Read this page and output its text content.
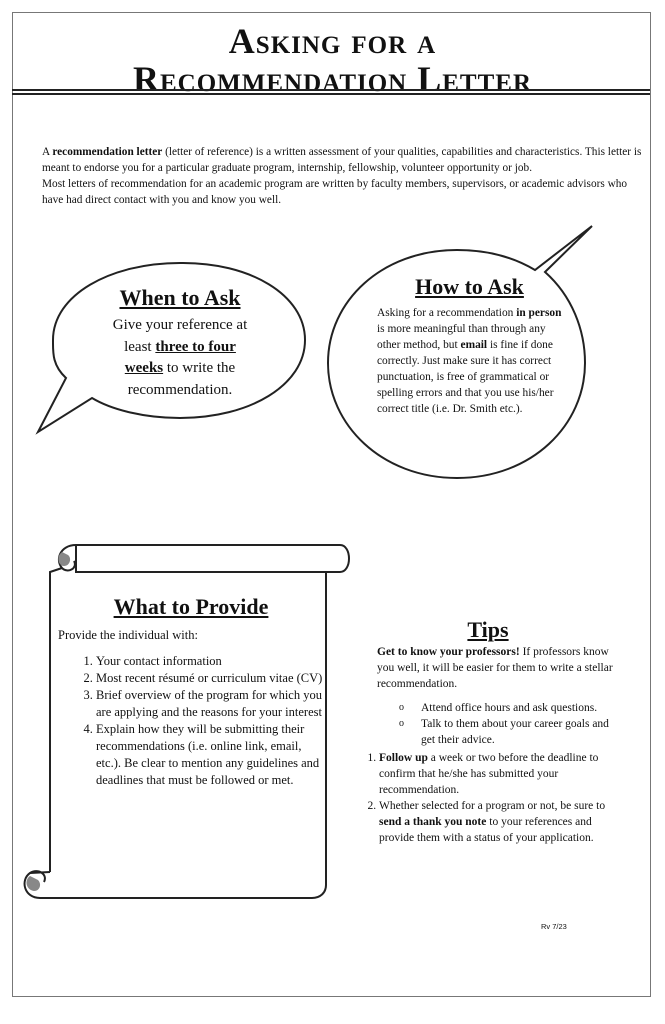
Asking for a
Recommendation Letter

A recommendation letter (letter of reference) is a written assessment of your qualities, capabilities and characteristics. This letter is meant to endorse you for a particular graduate program, internship, fellowship, volunteer opportunity or job.

Most letters of recommendation for an academic program are written by faculty members, supervisors, or academic advisors who have had direct contact with you and know you well.

When to Ask

Give your reference at least three to four weeks to write the recommendation.

How to Ask

Asking for a recommendation in person is more meaningful than through any other method, but email is fine if done correctly. Just make sure it has correct punctuation, is free of grammatical or spelling errors and that you use his/her correct title (i.e. Dr. Smith etc.).

What to Provide

Provide the individual with:

1. Your contact information
2. Most recent résumé or curriculum vitae (CV)
3. Brief overview of the program for which you are applying and the reasons for your interest
4. Explain how they will be submitting their recommendations (i.e. online link, email, etc.). Be clear to mention any guidelines and deadlines that must be followed or met.
Tips

Get to know your professors! If professors know you well, it will be easier for them to write a stellar recommendation.

o Attend office hours and ask questions.
o Talk to them about your career goals and get their advice.
1. Follow up a week or two before the deadline to confirm that he/she has submitted your recommendation.
2. Whether selected for a program or not, be sure to send a thank you note to your references and provide them with a status of your application.
Rv 7/23
